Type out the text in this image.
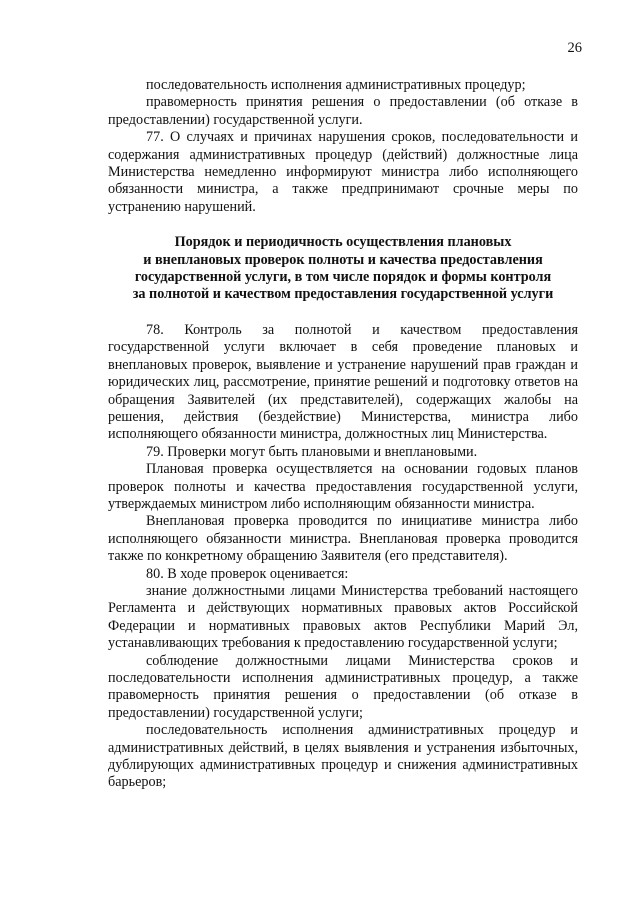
26

последовательность исполнения административных процедур;

правомерность принятия решения о предоставлении (об отказе в предоставлении) государственной услуги.

77. О случаях и причинах нарушения сроков, последовательности и содержания административных процедур (действий) должностные лица Министерства немедленно информируют министра либо исполняющего обязанности министра, а также предпринимают срочные меры по устранению нарушений.

Порядок и периодичность осуществления плановых
и внеплановых проверок полноты и качества предоставления
государственной услуги, в том числе порядок и формы контроля
за полнотой и качеством предоставления государственной услуги

78. Контроль за полнотой и качеством предоставления государственной услуги включает в себя проведение плановых и внеплановых проверок, выявление и устранение нарушений прав граждан и юридических лиц, рассмотрение, принятие решений и подготовку ответов на обращения Заявителей (их представителей), содержащих жалобы на решения, действия (бездействие) Министерства, министра либо исполняющего обязанности министра, должностных лиц Министерства.

79. Проверки могут быть плановыми и внеплановыми.

Плановая проверка осуществляется на основании годовых планов проверок полноты и качества предоставления государственной услуги, утверждаемых министром либо исполняющим обязанности министра.

Внеплановая проверка проводится по инициативе министра либо исполняющего обязанности министра. Внеплановая проверка проводится также по конкретному обращению Заявителя (его представителя).

80. В ходе проверок оценивается:

знание должностными лицами Министерства требований настоящего Регламента и действующих нормативных правовых актов Российской Федерации и нормативных правовых актов Республики Марий Эл, устанавливающих требования к предоставлению государственной услуги;

соблюдение должностными лицами Министерства сроков и последовательности исполнения административных процедур, а также правомерность принятия решения о предоставлении (об отказе в предоставлении) государственной услуги;

последовательность исполнения административных процедур и административных действий, в целях выявления и устранения избыточных, дублирующих административных процедур и снижения административных барьеров;
